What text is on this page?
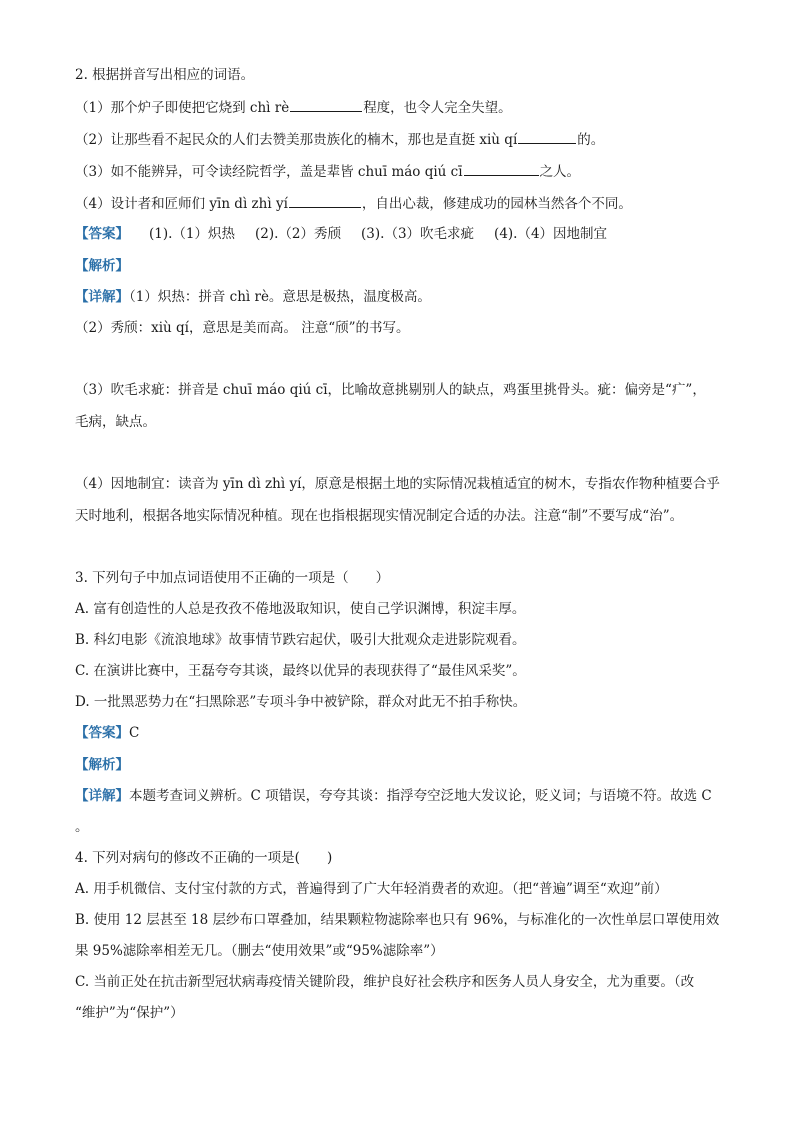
2. 根据拼音写出相应的词语。
（1）那个炉子即使把它烧到 chì rè	程度，也令人完全失望。
（2）让那些看不起民众的人们去赞美那贵族化的楠木，那也是直挺 xiù qí	的。
（3）如不能辨异，可令读经院哲学，盖是辈皆 chuī máo qiú cī	之人。
（4）设计者和匠师们 yīn dì zhì yí	，自出心裁，修建成功的园林当然各个不同。
【答案】 (1).（1）炽热 (2).（2）秀颀 (3).（3）吹毛求疵 (4).（4）因地制宜
【解析】
【详解】（1）炽热：拼音 chì rè。意思是极热，温度极高。
（2）秀颀：xiù qí，意思是美而高。 注意“颀”的书写。
（3）吹毛求疵：拼音是 chuī máo qiú cī，比喻故意挑剔别人的缺点，鸡蛋里挑骨头。疵：偏旁是“疒”，
毛病，缺点。
（4）因地制宜：读音为 yīn dì zhì yí，原意是根据土地的实际情况栽植适宜的树木，专指农作物种植要合乎
天时地利，根据各地实际情况种植。现在也指根据现实情况制定合适的办法。注意“制”不要写成“治”。
3. 下列句子中加点词语使用不正确的一项是（　　）
A. 富有创造性的人总是孜孜不倦地汲取知识，使自己学识渊博，积淀丰厚。
B. 科幻电影《流浪地球》故事情节跌宕起伏，吸引大批观众走进影院观看。
C. 在演讲比赛中，王磊夸夸其谈，最终以优异的表现获得了“最佳风采奖”。
D. 一批黑恶势力在“扫黑除恶”专项斗争中被铲除，群众对此无不拍手称快。
【答案】C
【解析】
【详解】本题考查词义辨析。C 项错误，夸夸其谈：指浮夸空泛地大发议论，贬义词；与语境不符。故选 C
。
4. 下列对病句的修改不正确的一项是(　　)
A. 用手机微信、支付宝付款的方式，普遍得到了广大年轻消费者的欢迎。（把“普遍”调至“欢迎”前）
B. 使用 12 层甚至 18 层纱布口罩叠加，结果颗粒物滤除率也只有 96%，与标准化的一次性单层口罩使用效
果 95%滤除率相差无几。（删去“使用效果”或“95%滤除率”）
C. 当前正处在抗击新型冠状病毒疫情关键阶段，维护良好社会秩序和医务人员人身安全，尤为重要。（改
“维护”为“保护”）
